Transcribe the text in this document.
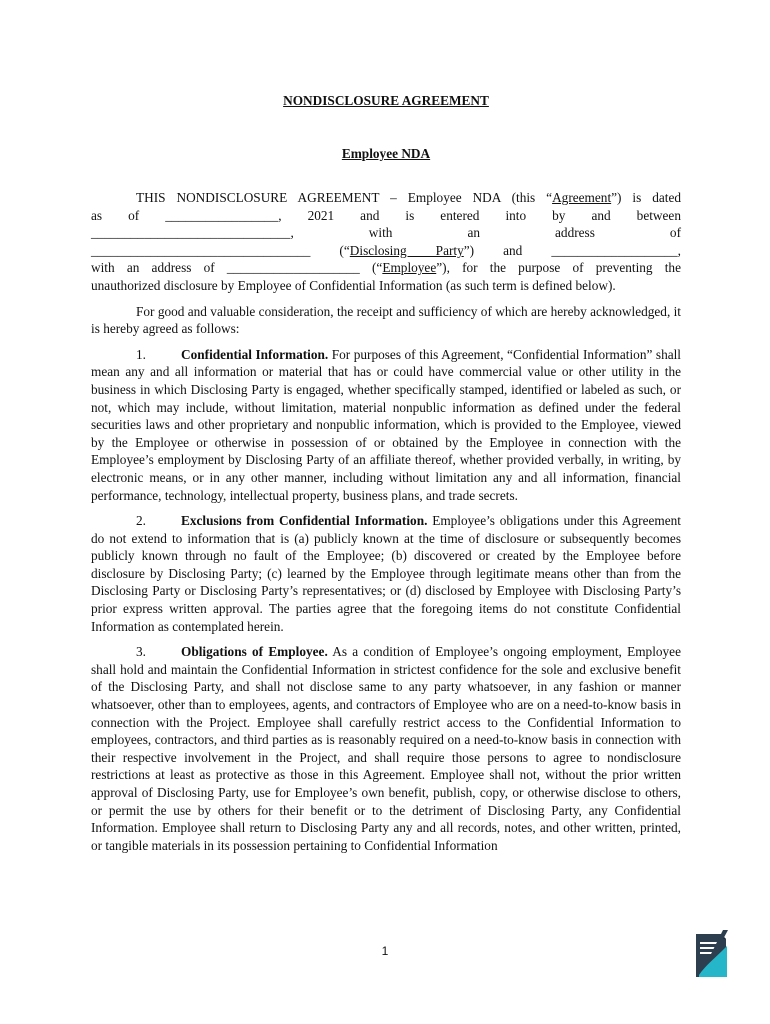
NONDISCLOSURE AGREEMENT
Employee NDA
THIS NONDISCLOSURE AGREEMENT – Employee NDA (this “Agreement”) is dated
as    of    _________________,    2021    and    is    entered    into    by    and    between
______________________________,            with            an            address            of
_________________________________ (“Disclosing Party”) and ___________________,
with an address of ____________________ (“Employee”), for the purpose of preventing the
unauthorized disclosure by Employee of Confidential Information (as such term is defined below).

For good and valuable consideration, the receipt and sufficiency of which are hereby acknowledged, it is hereby agreed as follows:

1.	Confidential Information. For purposes of this Agreement, “Confidential Information” shall mean any and all information or material that has or could have commercial value or other utility in the business in which Disclosing Party is engaged, whether specifically stamped, identified or labeled as such, or not, which may include, without limitation, material nonpublic information as defined under the federal securities laws and other proprietary and nonpublic information, which is provided to the Employee, viewed by the Employee or otherwise in possession of or obtained by the Employee in connection with the Employee’s employment by Disclosing Party of an affiliate thereof, whether provided verbally, in writing, by electronic means, or in any other manner, including without limitation any and all information, financial performance, technology, intellectual property, business plans, and trade secrets.

2.	Exclusions from Confidential Information. Employee’s obligations under this Agreement do not extend to information that is (a) publicly known at the time of disclosure or subsequently becomes publicly known through no fault of the Employee; (b) discovered or created by the Employee before disclosure by Disclosing Party; (c) learned by the Employee through legitimate means other than from the Disclosing Party or Disclosing Party’s representatives; or (d) disclosed by Employee with Disclosing Party’s prior express written approval. The parties agree that the foregoing items do not constitute Confidential Information as contemplated herein.

3.	Obligations of Employee. As a condition of Employee’s ongoing employment, Employee shall hold and maintain the Confidential Information in strictest confidence for the sole and exclusive benefit of the Disclosing Party, and shall not disclose same to any party whatsoever, in any fashion or manner whatsoever, other than to employees, agents, and contractors of Employee who are on a need-to-know basis in connection with the Project. Employee shall carefully restrict access to the Confidential Information to employees, contractors, and third parties as is reasonably required on a need-to-know basis in connection with their respective involvement in the Project, and shall require those persons to agree to nondisclosure restrictions at least as protective as those in this Agreement. Employee shall not, without the prior written approval of Disclosing Party, use for Employee’s own benefit, publish, copy, or otherwise disclose to others, or permit the use by others for their benefit or to the detriment of Disclosing Party, any Confidential Information. Employee shall return to Disclosing Party any and all records, notes, and other written, printed, or tangible materials in its possession pertaining to Confidential Information

1
